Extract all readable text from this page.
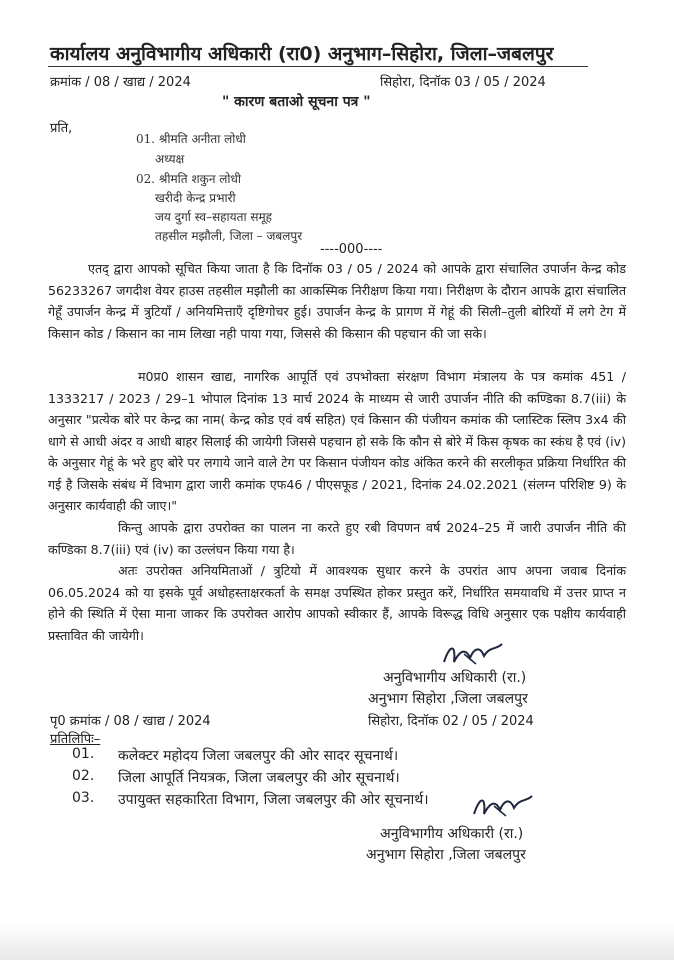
कार्यालय अनुविभागीय अधिकारी (रा0) अनुभाग–सिहोरा, जिला–जबलपुर
क्रमांक / 08 / खाद्य / 2024	सिहोरा, दिनॉक 03 / 05 / 2024
" कारण बताओ सूचना पत्र "
प्रति,
01. श्रीमति अनीता लोधी
अध्यक्ष
02. श्रीमति शकुन लोधी
खरीदी केन्द्र प्रभारी
जय दुर्गा स्व–सहायता समूह
तहसील मझौली, जिला – जबलपुर
----000----
एतद् द्वारा आपको सूचित किया जाता है कि दिनॉक 03 / 05 / 2024 को आपके द्वारा संचालित उपार्जन केन्द्र कोड 56233267 जगदीश वेयर हाउस तहसील मझौली का आकस्मिक निरीक्षण किया गया। निरीक्षण के दौरान आपके द्वारा संचालित गेहूँ उपार्जन केन्द्र में त्रुटियॉं / अनियमित्ताएँ दृष्टिगोचर हुई। उपार्जन केन्द्र के प्रागण में गेहूं की सिली–तुली बोरियों में लगे टेग में किसान कोड / किसान का नाम लिखा नही पाया गया, जिससे की किसान की पहचान की जा सके।
म0प्र0 शासन खाद्य, नागरिक आपूर्ति एवं उपभोक्ता संरक्षण विभाग मंत्रालय के पत्र कमांक 451 / 1333217 / 2023 / 29–1 भोपाल दिनांक 13 मार्च 2024 के माध्यम से जारी उपार्जन नीति की कण्डिका 8.7(iii) के अनुसार "प्रत्येक बोरे पर केन्द्र का नाम( केन्द्र कोड एवं वर्ष सहित) एवं किसान की पंजीयन कमांक की प्लास्टिक स्लिप 3x4 की धागे से आधी अंदर व आधी बाहर सिलाई की जायेगी जिससे पहचान हो सके कि कौन से बोरे में किस कृषक का स्कंध है एवं (iv) के अनुसार गेहूं के भरे हुए बोरे पर लगाये जाने वाले टेग पर किसान पंजीयन कोड अंकित करने की सरलीकृत प्रक्रिया निर्धारित की गई है जिसके संबंध में विभाग द्वारा जारी कमांक एफ46 / पीएसफूड / 2021, दिनांक 24.02.2021 (संलग्न परिशिष्ट 9) के अनुसार कार्यवाही की जाए।"
किन्तु आपके द्वारा उपरोक्त का पालन ना करते हुए रबी विपणन वर्ष 2024–25 में जारी उपार्जन नीति की कण्डिका 8.7(iii) एवं (iv) का उल्लंघन किया गया है।
अतः उपरोक्त अनियमिताओं / त्रुटियो में आवश्यक सुधार करने के उपरांत आप अपना जवाब दिनांक 06.05.2024 को या इसके पूर्व अधोहस्ताक्षरकर्ता के समक्ष उपस्थित होकर प्रस्तुत करें, निर्धारित समयावधि में उत्तर प्राप्त न होने की स्थिति में ऐसा माना जाकर कि उपरोक्त आरोप आपको स्वीकार हैं, आपके विरूद्ध विधि अनुसार एक पक्षीय कार्यवाही प्रस्तावित की जायेगी।
अनुविभागीय अधिकारी (रा.)
अनुभाग सिहोरा ,जिला जबलपुर
पृ0 क्रमांक / 08 / खाद्य / 2024	सिहोरा, दिनॉक 02 / 05 / 2024
प्रतिलिपिः–
01. कलेक्टर महोदय जिला जबलपुर की ओर सादर सूचनार्थ।
02. जिला आपूर्ति नियत्रक, जिला जबलपुर की ओर सूचनार्थ।
03. उपायुक्त सहकारिता विभाग, जिला जबलपुर की ओर सूचनार्थ।
अनुविभागीय अधिकारी (रा.)
अनुभाग सिहोरा ,जिला जबलपुर
